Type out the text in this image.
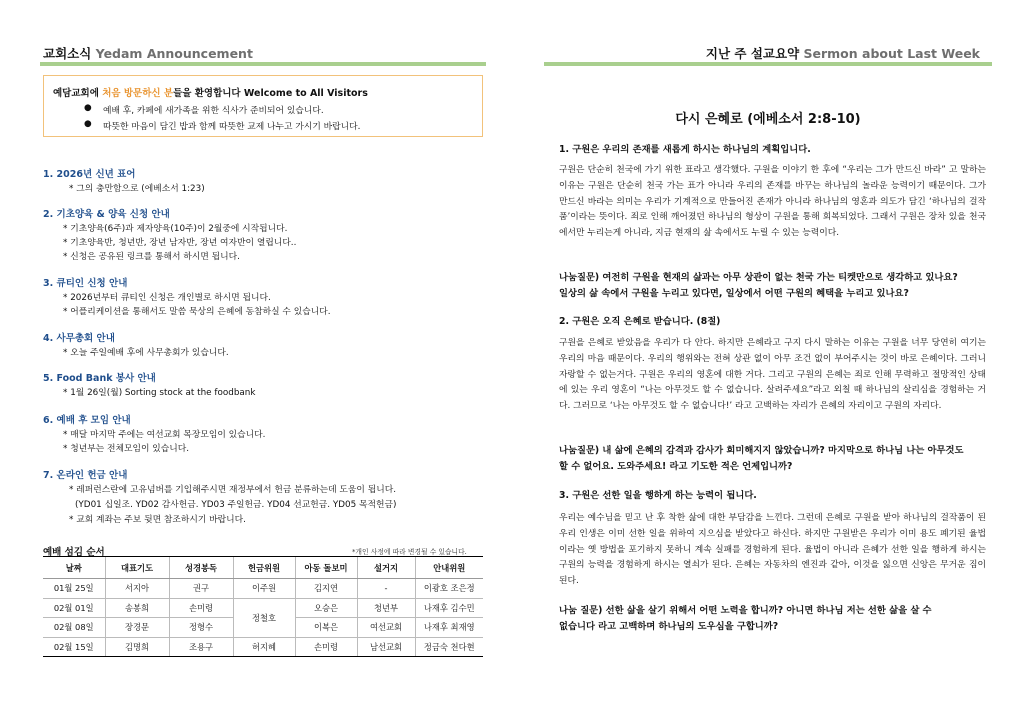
교회소식 Yedam Announcement
예담교회에 처음 방문하신 분들을 환영합니다 Welcome to All Visitors
● 예배 후, 카페에 새가족을 위한 식사가 준비되어 있습니다.
● 따뜻한 마음이 담긴 밥과 함께 따뜻한 교제 나누고 가시기 바랍니다.
1. 2026년 신년 표어
* 그의 충만함으로 (에베소서 1:23)
2. 기초양육 & 양육 신청 안내
* 기초양육(6주)과 제자양육(10주)이 2월중에 시작됩니다.
* 기초양육반, 청년반, 장년 남자반, 장년 여자반이 열립니다..
* 신청은 공유된 링크를 통해서 하시면 됩니다.
3. 큐티인 신청 안내
* 2026년부터 큐티인 신청은 개인별로 하시면 됩니다.
* 어플리케이션을 통해서도 말씀 묵상의 은혜에 동참하실 수 있습니다.
4. 사무총회 안내
* 오늘 주일예배 후에 사무총회가 있습니다.
5. Food Bank 봉사 안내
* 1월 26일(월) Sorting stock at the foodbank
6. 예배 후 모임 안내
* 매달 마지막 주에는 여선교회 목장모임이 있습니다.
* 청년부는 전체모임이 있습니다.
7. 온라인 헌금 안내
* 레퍼런스란에 고유넘버를 기입해주시면 재정부에서 헌금 분류하는데 도움이 됩니다.
(YD01 십일조. YD02 감사헌금. YD03 주일헌금. YD04 선교헌금. YD05 목적헌금)
* 교회 계좌는 주보 뒷면 참조하시기 바랍니다.
예배 섬김 순서	*개인 사정에 따라 변경될 수 있습니다.
날짜	대표기도	성경봉독	헌금위원	아동 돌보미	설거지	안내위원
01월 25일	서지아	권구	이주원	김지연	-	이광호 조은정
02월 01일	송봉희	손미령	정철호	오승은	청년부	나재후 김수민
02월 08일	장경문	정형수		이복은	여선교회	나재후 최재영
02월 15일	김명희	조용구	허지혜	손미령	남선교회	정금숙 천다현
지난 주 설교요약 Sermon about Last Week
다시 은혜로 (에베소서 2:8-10)
1. 구원은 우리의 존재를 새롭게 하시는 하나님의 계획입니다.
구원은 단순히 천국에 가기 위한 표라고 생각했다. 구원을 이야기 한 후에 “우리는 그가 만드신 바라” 고 말하는 이유는 구원은 단순히 천국 가는 표가 아니라 우리의 존재를 바꾸는 하나님의 놀라운 능력이기 때문이다. 그가 만드신 바라는 의미는 우리가 기계적으로 만들어진 존재가 아니라 하나님의 영혼과 의도가 담긴 ‘하나님의 걸작품’이라는 뜻이다. 죄로 인해 깨어졌던 하나님의 형상이 구원을 통해 회복되었다. 그래서 구원은 장차 있을 천국에서만 누리는게 아니라, 지금 현재의 삶 속에서도 누릴 수 있는 능력이다.
나눔질문) 여전히 구원을 현재의 삶과는 아무 상관이 없는 천국 가는 티켓만으로 생각하고 있나요?
일상의 삶 속에서 구원을 누리고 있다면, 일상에서 어떤 구원의 혜택을 누리고 있나요?
2. 구원은 오직 은혜로 받습니다. (8절)
구원을 은혜로 받았음을 우리가 다 안다. 하지만 은혜라고 구지 다시 말하는 이유는 구원을 너무 당연히 여기는 우리의 마음 때문이다. 우리의 행위와는 전혀 상관 없이 아무 조건 없이 부어주시는 것이 바로 은혜이다. 그러니 자랑할 수 없는거다. 구원은 우리의 영혼에 대한 거다. 그리고 구원의 은혜는 죄로 인해 무력하고 절망적인 상태에 있는 우리 영혼이 “나는 아무것도 할 수 없습니다. 살려주세요”라고 외칠 때 하나님의 살리심을 경험하는 거다. 그러므로 ‘나는 아무것도 할 수 없습니다!’ 라고 고백하는 자리가 은혜의 자리이고 구원의 자리다.
나눔질문) 내 삶에 은혜의 감격과 감사가 희미해지지 않았습니까? 마지막으로 하나님 나는 아무것도
할 수 없어요. 도와주세요! 라고 기도한 적은 언제입니까?
3. 구원은 선한 일을 행하게 하는 능력이 됩니다.
우리는 예수님을 믿고 난 후 착한 삶에 대한 부담감을 느낀다. 그런데 은혜로 구원을 받아 하나님의 걸작품이 된 우리 인생은 이미 선한 일을 위하여 지으심을 받았다고 하신다. 하지만 구원받은 우리가 이미 용도 폐기된 율법이라는 옛 방법을 포기하지 못하니 계속 실패를 경험하게 된다. 율법이 아니라 은혜가 선한 일을 행하게 하시는 구원의 능력을 경험하게 하시는 열쇠가 된다. 은혜는 자동차의 엔진과 같아, 이것을 잃으면 신앙은 무거운 짐이 된다.
나눔 질문) 선한 삶을 살기 위해서 어떤 노력을 합니까? 아니면 하나님 저는 선한 삶을 살 수
없습니다 라고 고백하며 하나님의 도우심을 구합니까?
